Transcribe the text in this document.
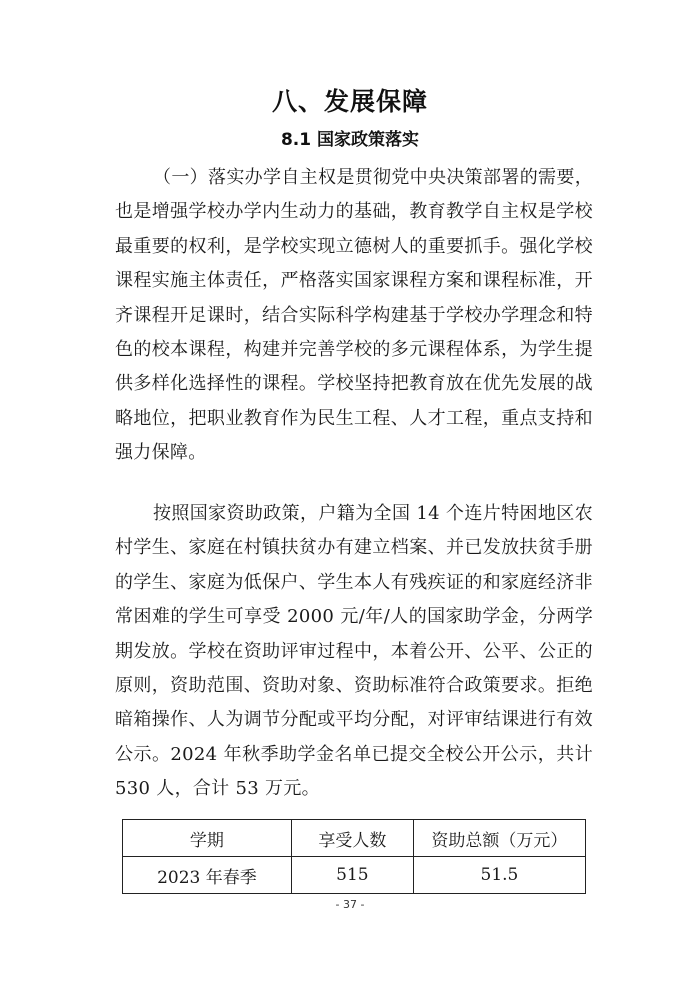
八、发展保障
8.1 国家政策落实

（一）落实办学自主权是贯彻党中央决策部署的需要，也是增强学校办学内生动力的基础，教育教学自主权是学校最重要的权利，是学校实现立德树人的重要抓手。强化学校课程实施主体责任，严格落实国家课程方案和课程标准，开齐课程开足课时，结合实际科学构建基于学校办学理念和特色的校本课程，构建并完善学校的多元课程体系，为学生提供多样化选择性的课程。学校坚持把教育放在优先发展的战略地位，把职业教育作为民生工程、人才工程，重点支持和强力保障。

按照国家资助政策，户籍为全国 14 个连片特困地区农村学生、家庭在村镇扶贫办有建立档案、并已发放扶贫手册的学生、家庭为低保户、学生本人有残疾证的和家庭经济非常困难的学生可享受 2000 元/年/人的国家助学金，分两学期发放。学校在资助评审过程中，本着公开、公平、公正的原则，资助范围、资助对象、资助标准符合政策要求。拒绝暗箱操作、人为调节分配或平均分配，对评审结课进行有效公示。2024 年秋季助学金名单已提交全校公开公示，共计 530 人，合计 53 万元。

学期	享受人数	资助总额（万元）
2023 年春季	515	51.5
- 37 -
